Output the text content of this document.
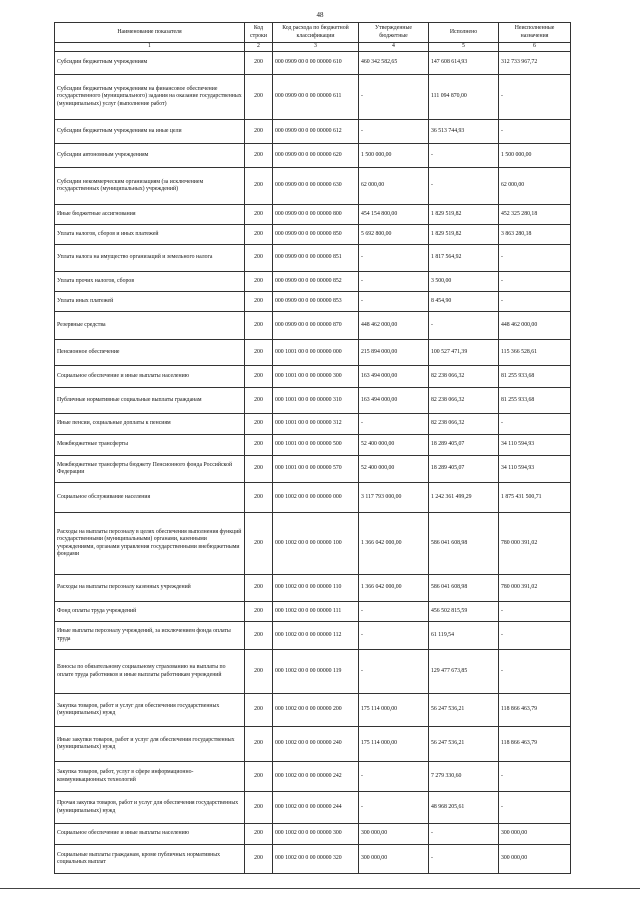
48
Наименование показателя	Код строки	Код расхода по бюджетной классификации	Утвержденные бюджетные	Исполнено	Неисполненные назначения
1	2	3	4	5	6
Субсидии бюджетным учреждениям	200	000 0909 00 0 00 00000 610	460 342 582,65	147 608 614,93	312 733 967,72
Субсидии бюджетным учреждениям на финансовое обеспечение государственного (муниципального) задания на оказание государственных (муниципальных) услуг (выполнение работ)	200	000 0909 00 0 00 00000 611	-	111 094 870,00	-
Субсидии бюджетным учреждениям на иные цели	200	000 0909 00 0 00 00000 612	-	36 513 744,93	-
Субсидии автономным учреждениям	200	000 0909 00 0 00 00000 620	1 500 000,00	-	1 500 000,00
Субсидии некоммерческим организациям (за исключением государственных (муниципальных) учреждений)	200	000 0909 00 0 00 00000 630	62 000,00	-	62 000,00
Иные бюджетные ассигнования	200	000 0909 00 0 00 00000 800	454 154 800,00	1 829 519,82	452 325 280,18
Уплата налогов, сборов и иных платежей	200	000 0909 00 0 00 00000 850	5 692 800,00	1 829 519,82	3 863 280,18
Уплата налога на имущество организаций и земельного налога	200	000 0909 00 0 00 00000 851	-	1 817 564,92	-
Уплата прочих налогов, сборов	200	000 0909 00 0 00 00000 852	-	3 500,00	-
Уплата иных платежей	200	000 0909 00 0 00 00000 853	-	8 454,90	-
Резервные средства	200	000 0909 00 0 00 00000 870	448 462 000,00	-	448 462 000,00
Пенсионное обеспечение	200	000 1001 00 0 00 00000 000	215 894 000,00	100 527 471,39	115 366 528,61
Социальное обеспечение и иные выплаты населению	200	000 1001 00 0 00 00000 300	163 494 000,00	82 238 066,32	81 255 933,68
Публичные нормативные социальные выплаты гражданам	200	000 1001 00 0 00 00000 310	163 494 000,00	82 238 066,32	81 255 933,68
Иные пенсии, социальные доплаты к пенсиям	200	000 1001 00 0 00 00000 312	-	82 238 066,32	-
Межбюджетные трансферты	200	000 1001 00 0 00 00000 500	52 400 000,00	18 289 405,07	34 110 594,93
Межбюджетные трансферты бюджету Пенсионного фонда Российской Федерации	200	000 1001 00 0 00 00000 570	52 400 000,00	18 289 405,07	34 110 594,93
Социальное обслуживание населения	200	000 1002 00 0 00 00000 000	3 117 793 000,00	1 242 361 499,29	1 875 431 500,71
Расходы на выплаты персоналу в целях обеспечения выполнения функций государственными (муниципальными) органами, казенными учреждениями, органами управления государственными внебюджетными фондами	200	000 1002 00 0 00 00000 100	1 366 042 000,00	586 041 608,98	780 000 391,02
Расходы на выплаты персоналу казенных учреждений	200	000 1002 00 0 00 00000 110	1 366 042 000,00	586 041 608,98	780 000 391,02
Фонд оплаты труда учреждений	200	000 1002 00 0 00 00000 111	-	456 502 815,59	-
Иные выплаты персоналу учреждений, за исключением фонда оплаты труда	200	000 1002 00 0 00 00000 112	-	61 119,54	-
Взносы по обязательному социальному страхованию на выплаты по оплате труда работников и иные выплаты работникам учреждений	200	000 1002 00 0 00 00000 119	-	129 477 673,85	-
Закупка товаров, работ и услуг для обеспечения государственных (муниципальных) нужд	200	000 1002 00 0 00 00000 200	175 114 000,00	56 247 536,21	118 866 463,79
Иные закупки товаров, работ и услуг для обеспечения государственных (муниципальных) нужд	200	000 1002 00 0 00 00000 240	175 114 000,00	56 247 536,21	118 866 463,79
Закупка товаров, работ, услуг в сфере информационно-коммуникационных технологий	200	000 1002 00 0 00 00000 242	-	7 279 330,60	-
Прочая закупка товаров, работ и услуг для обеспечения государственных (муниципальных) нужд	200	000 1002 00 0 00 00000 244	-	48 968 205,61	-
Социальное обеспечение и иные выплаты населению	200	000 1002 00 0 00 00000 300	300 000,00	-	300 000,00
Социальные выплаты гражданам, кроме публичных нормативных социальных выплат	200	000 1002 00 0 00 00000 320	300 000,00	-	300 000,00
